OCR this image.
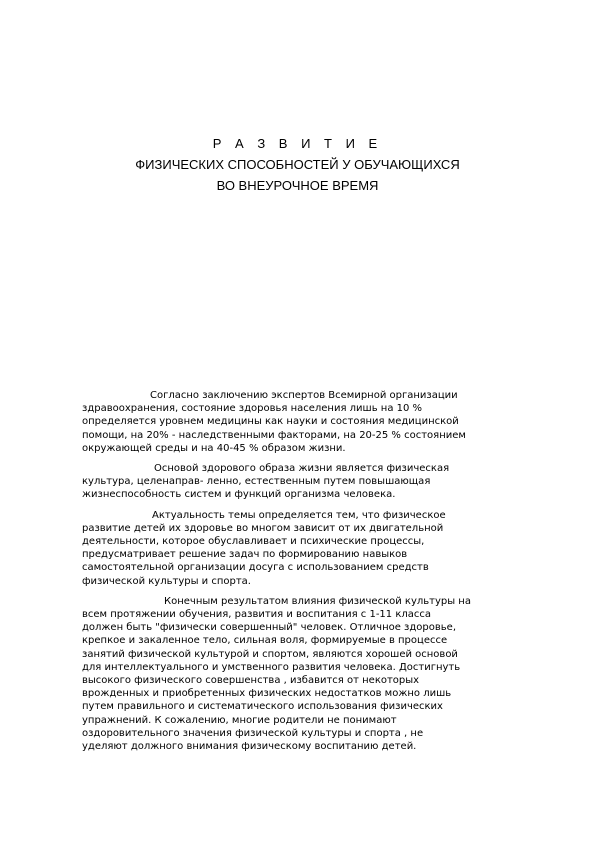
Р А З В И Т И Е
ФИЗИЧЕСКИХ СПОСОБНОСТЕЙ У ОБУЧАЮЩИХСЯ
ВО ВНЕУРОЧНОЕ ВРЕМЯ
Согласно заключению экспертов Всемирной организации
здравоохранения, состояние здоровья населения лишь на 10 %
определяется уровнем медицины как науки и состояния медицинской
помощи, на 20% - наследственными факторами, на 20-25 % состоянием
окружающей среды и на 40-45 % образом жизни.
Основой здорового образа жизни является физическая
культура, целенаправ- ленно, естественным путем повышающая
жизнеспособность систем и функций организма человека.
Актуальность темы определяется тем, что физическое
развитие детей их здоровье во многом зависит от их двигательной
деятельности, которое обуславливает и психические процессы,
предусматривает решение задач по формированию навыков
самостоятельной организации досуга с использованием средств
физической культуры и спорта.
Конечным результатом влияния физической культуры на
всем протяжении обучения, развития и воспитания с 1-11 класса
должен быть "физически совершенный" человек. Отличное здоровье,
крепкое и закаленное тело, сильная воля, формируемые в процессе
занятий физической культурой и спортом, являются хорошей основой
для интеллектуального и умственного развития человека. Достигнуть
высокого физического совершенства , избавится от некоторых
врожденных и приобретенных физических недостатков можно лишь
путем правильного и систематического использования физических
упражнений. К сожалению, многие родители не понимают
оздоровительного значения физической культуры и спорта , не
уделяют должного внимания физическому воспитанию детей.
